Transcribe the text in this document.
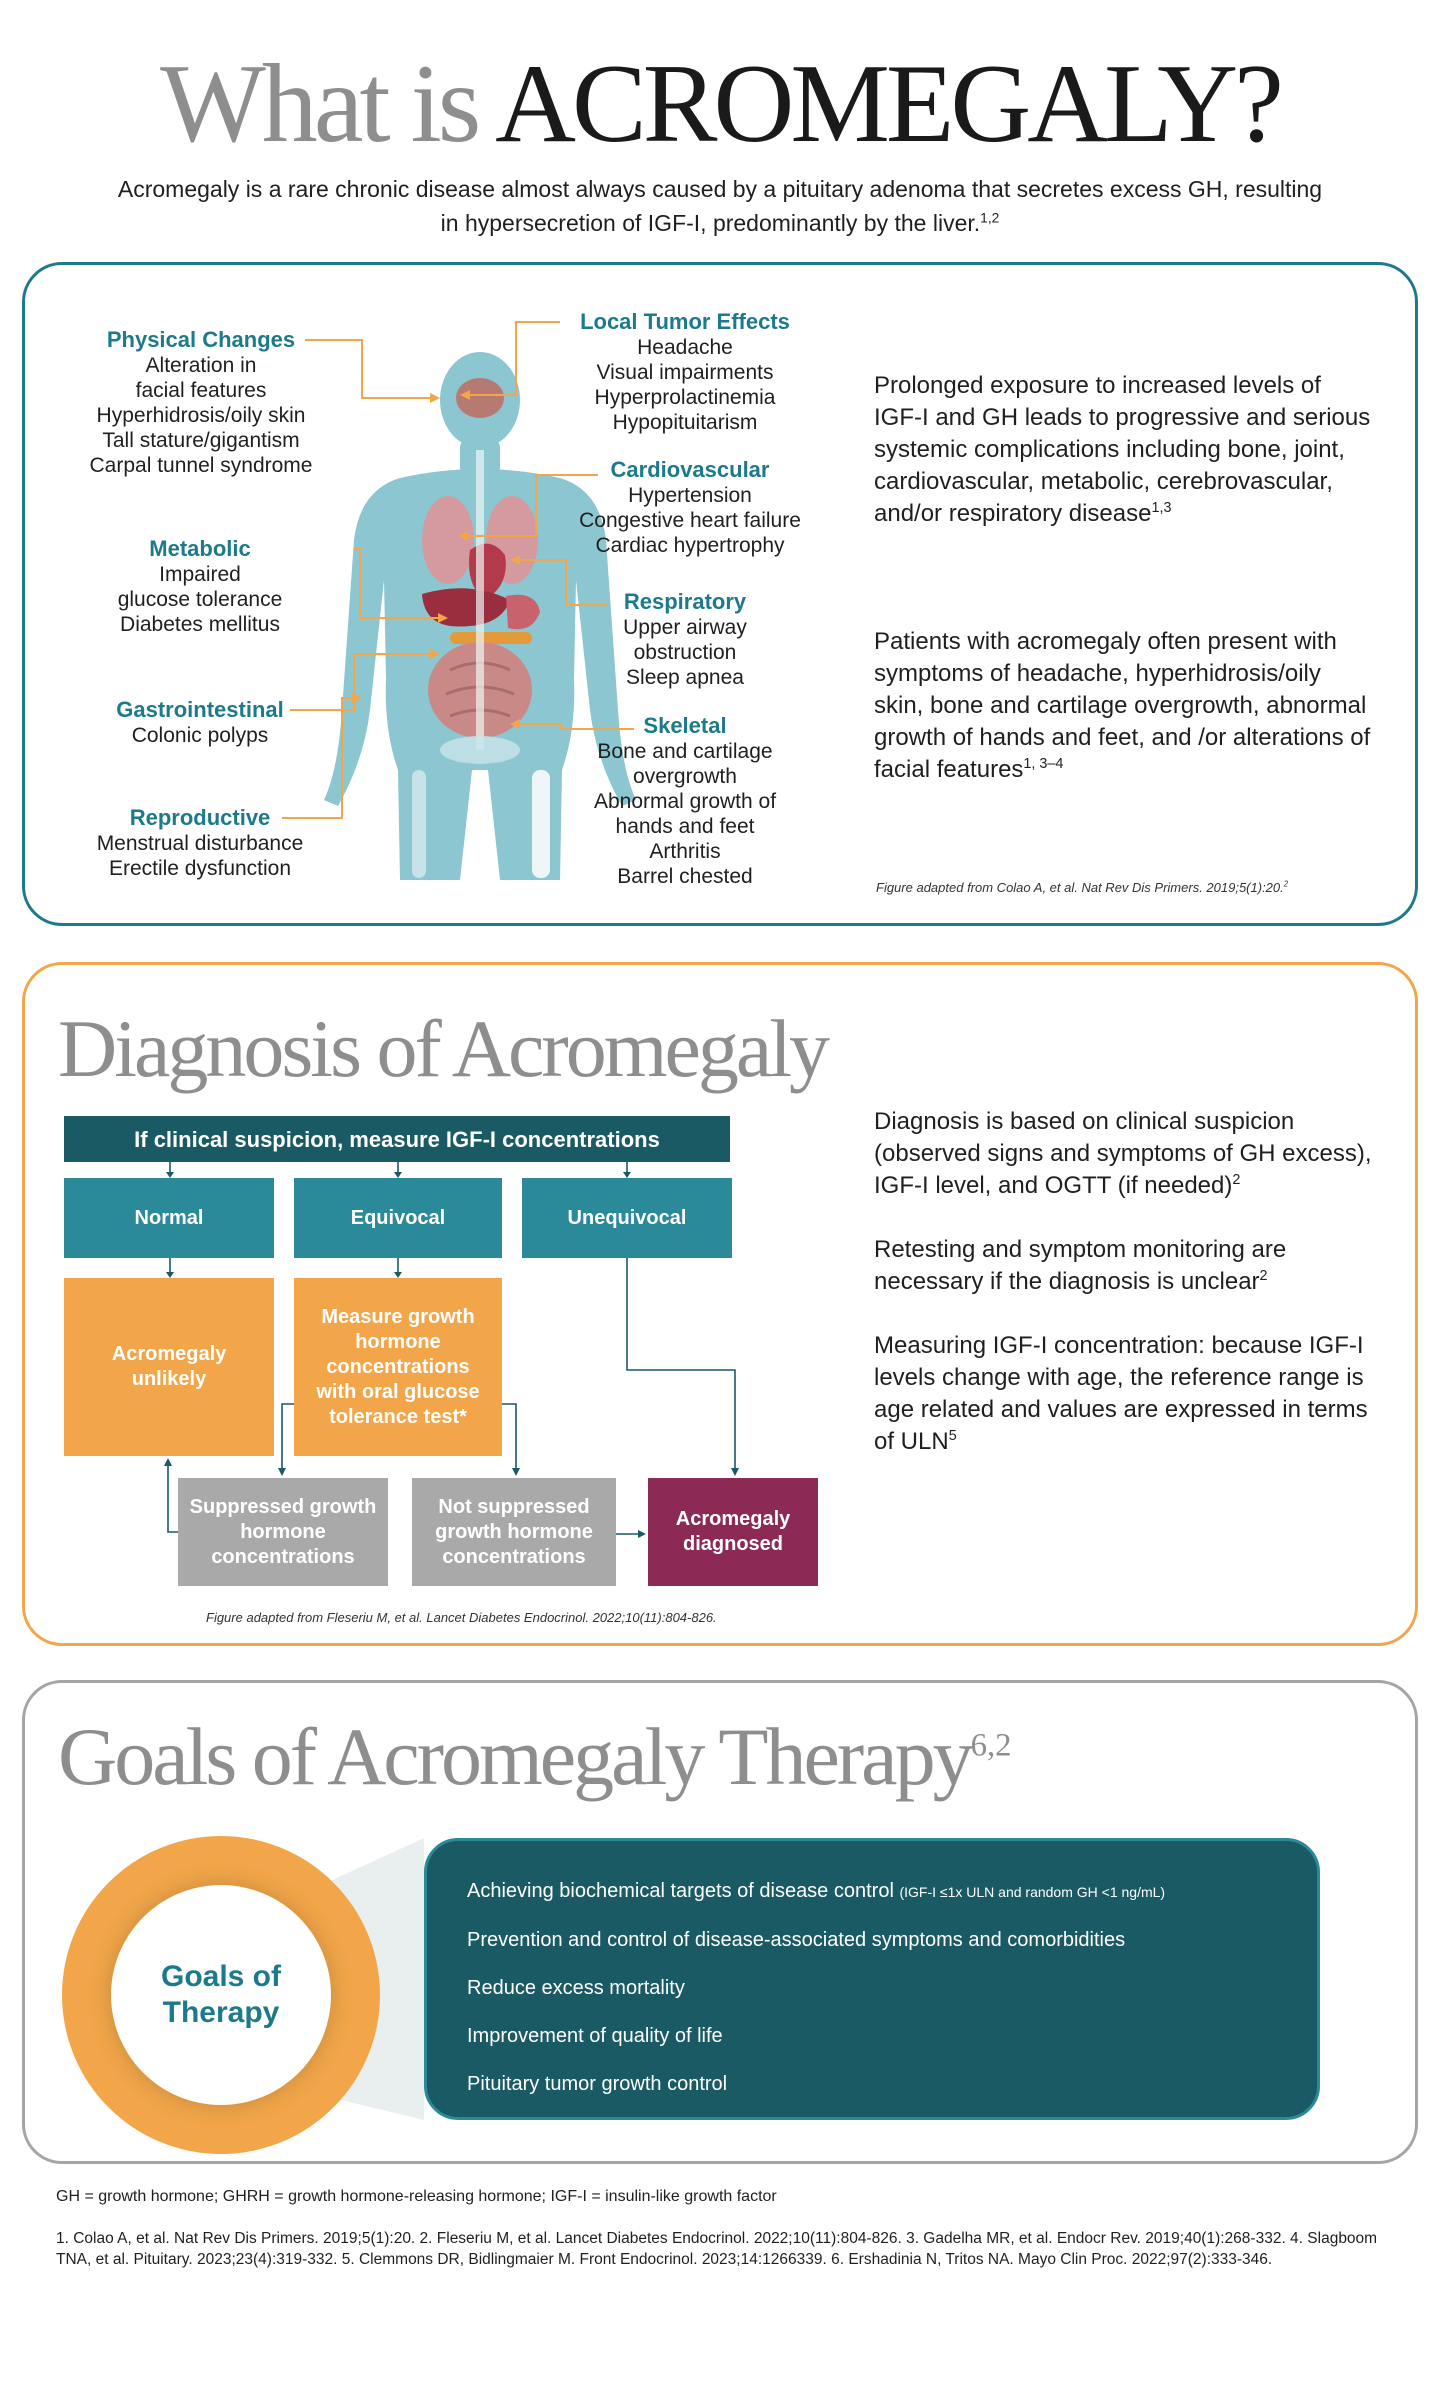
What is ACROMEGALY?

Acromegaly is a rare chronic disease almost always caused by a pituitary adenoma that secretes excess GH, resulting in hypersecretion of IGF-I, predominantly by the liver.$^{1,2}$

Physical Changes
Alteration in
facial features
Hyperhidrosis/oily skin
Tall stature/gigantism
Carpal tunnel syndrome
Metabolic
Impaired
glucose tolerance
Diabetes mellitus
Gastrointestinal
Colonic polyps
Reproductive
Menstrual disturbance
Erectile dysfunction
Local Tumor Effects
Headache
Visual impairments
Hyperprolactinemia
Hypopituitarism
Cardiovascular
Hypertension
Congestive heart failure
Cardiac hypertrophy
Respiratory
Upper airway
obstruction
Sleep apnea
Skeletal
Bone and cartilage
overgrowth
Abnormal growth of
hands and feet
Arthritis
Barrel chested

Prolonged exposure to increased levels of IGF-I and GH leads to progressive and serious systemic complications including bone, joint, cardiovascular, metabolic, cerebrovascular, and/or respiratory disease$^{1,3}$

Patients with acromegaly often present with symptoms of headache, hyperhidrosis/oily skin, bone and cartilage overgrowth, abnormal growth of hands and feet, and /or alterations of facial features$^{1, 3-4}$

Figure adapted from Colao A, et al. Nat Rev Dis Primers. 2019;5(1):20.$^2$

Diagnosis of Acromegaly
If clinical suspicion, measure IGF-I concentrations
Normal	Equivocal	Unequivocal
Acromegaly unlikely
Measure growth hormone concentrations with oral glucose tolerance test*
Suppressed growth hormone concentrations
Not suppressed growth hormone concentrations
Acromegaly diagnosed

Figure adapted from Fleseriu M, et al. Lancet Diabetes Endocrinol. 2022;10(11):804-826.

Diagnosis is based on clinical suspicion (observed signs and symptoms of GH excess), IGF-I level, and OGTT (if needed)$^2$

Retesting and symptom monitoring are necessary if the diagnosis is unclear$^2$

Measuring IGF-I concentration: because IGF-I levels change with age, the reference range is age related and values are expressed in terms of ULN$^5$

Goals of Acromegaly Therapy$^{6,2}$
Goals of
Therapy
Achieving biochemical targets of disease control (IGF-I ≤1x ULN and random GH <1 ng/mL)
Prevention and control of disease-associated symptoms and comorbidities
Reduce excess mortality
Improvement of quality of life
Pituitary tumor growth control

GH = growth hormone; GHRH = growth hormone-releasing hormone; IGF-I = insulin-like growth factor

1. Colao A, et al. Nat Rev Dis Primers. 2019;5(1):20. 2. Fleseriu M, et al. Lancet Diabetes Endocrinol. 2022;10(11):804-826. 3. Gadelha MR, et al. Endocr Rev. 2019;40(1):268-332. 4. Slagboom TNA, et al. Pituitary. 2023;23(4):319-332. 5. Clemmons DR, Bidlingmaier M. Front Endocrinol. 2023;14:1266339. 6. Ershadinia N, Tritos NA. Mayo Clin Proc. 2022;97(2):333-346.
